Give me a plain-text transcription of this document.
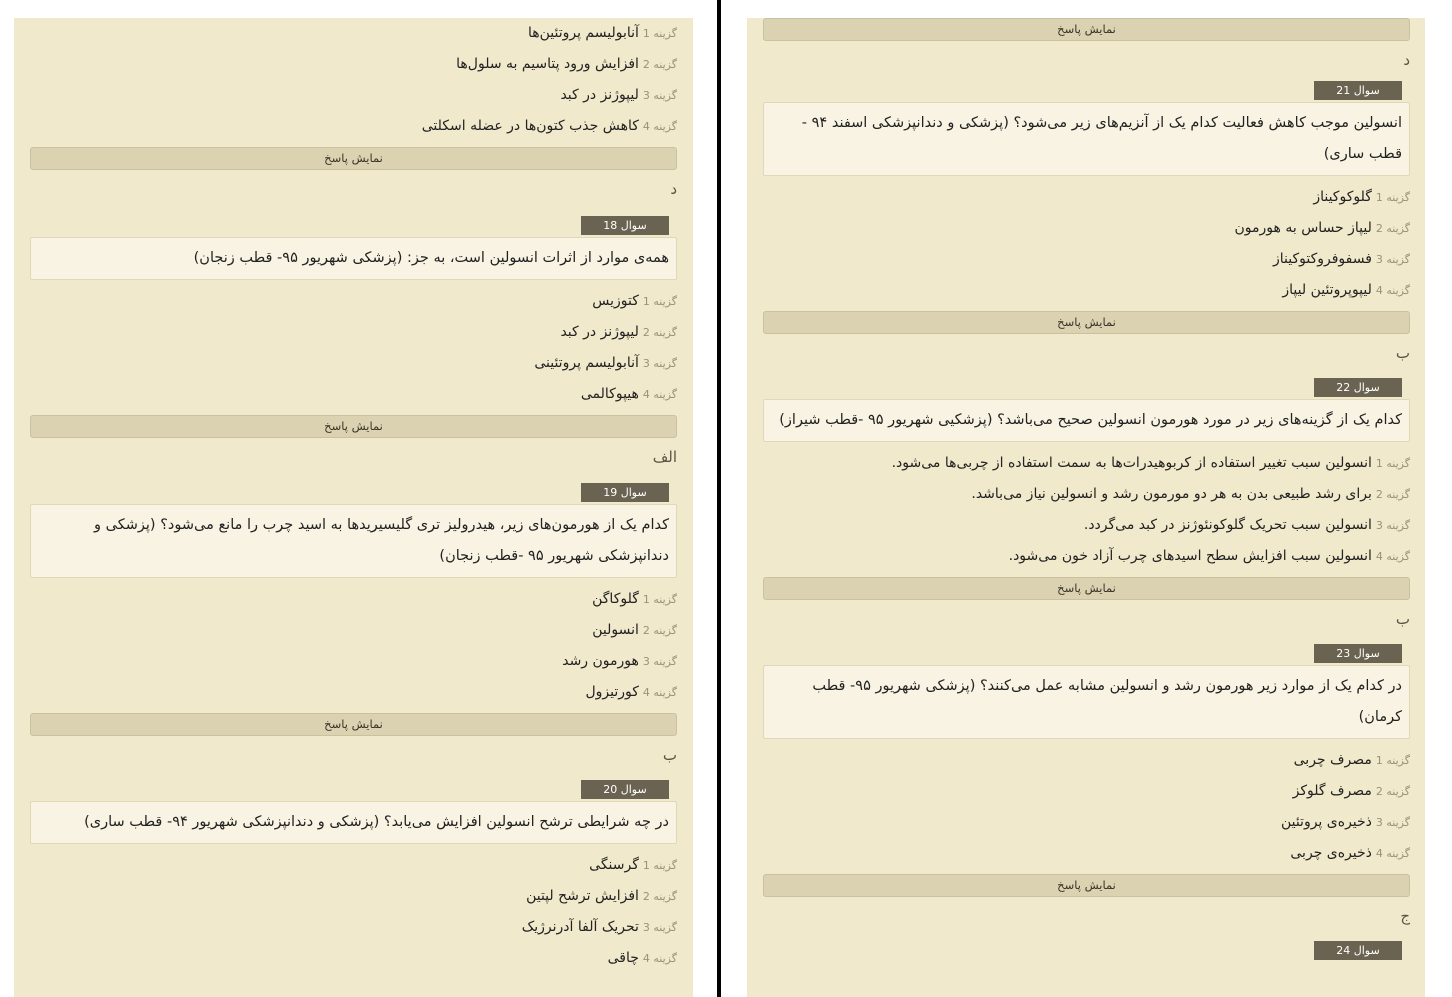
گزینه 1آنابولیسم پروتئین‌ها
گزینه 2افزایش ورود پتاسیم به سلول‌ها
گزینه 3لیپوژنز در کبد
گزینه 4کاهش جذب کتون‌ها در عضله اسکلتی
نمایش پاسخ
د
سوال 18
همه‌ی موارد از اثرات انسولین است، به جز: (پزشکی شهریور ۹۵- قطب زنجان)
گزینه 1کتوزیس
گزینه 2لیپوژنز در کبد
گزینه 3آنابولیسم پروتئینی
گزینه 4هیپوکالمی
نمایش پاسخ
الف
سوال 19
کدام یک از هورمون‌های زیر، هیدرولیز تری گلیسیریدها به اسید چرب را مانع می‌شود؟ (پزشکی و دندانپزشکی شهریور ۹۵ -قطب زنجان)
گزینه 1گلوکاگن
گزینه 2انسولین
گزینه 3هورمون رشد
گزینه 4کورتیزول
نمایش پاسخ
ب
سوال 20
در چه شرایطی ترشح انسولین افزایش می‌یابد؟ (پزشکی و دندانپزشکی شهریور ۹۴- قطب ساری)
گزینه 1گرسنگی
گزینه 2افزایش ترشح لپتین
گزینه 3تحریک آلفا آدرنرژیک
گزینه 4چاقی
نمایش پاسخ
د
سوال 21
انسولین موجب کاهش فعالیت کدام یک از آنزیم‌های زیر می‌شود؟ (پزشکی و دندانپزشکی اسفند ۹۴ - قطب ساری)
گزینه 1گلوکوکیناز
گزینه 2لیپاز حساس به هورمون
گزینه 3فسفوفروکتوکیناز
گزینه 4لیپوپروتئین لیپاز
نمایش پاسخ
ب
سوال 22
کدام یک از گزینه‌های زیر در مورد هورمون انسولین صحیح می‌باشد؟ (پزشکیی شهریور ۹۵ -قطب شیراز)
گزینه 1انسولین سبب تغییر استفاده از کربوهیدرات‌ها به سمت استفاده از چربی‌ها می‌شود.
گزینه 2برای رشد طبیعی بدن به هر دو مورمون رشد و انسولین نیاز می‌باشد.
گزینه 3انسولین سبب تحریک گلوکونئوژنز در کبد می‌گردد.
گزینه 4انسولین سبب افزایش سطح اسیدهای چرب آزاد خون می‌شود.
نمایش پاسخ
ب
سوال 23
در کدام یک از موارد زیر هورمون رشد و انسولین مشابه عمل می‌کنند؟ (پزشکی شهریور ۹۵- قطب کرمان)
گزینه 1مصرف چربی
گزینه 2مصرف گلوکز
گزینه 3ذخیره‌ی پروتئین
گزینه 4ذخیره‌ی چربی
نمایش پاسخ
ج
سوال 24
